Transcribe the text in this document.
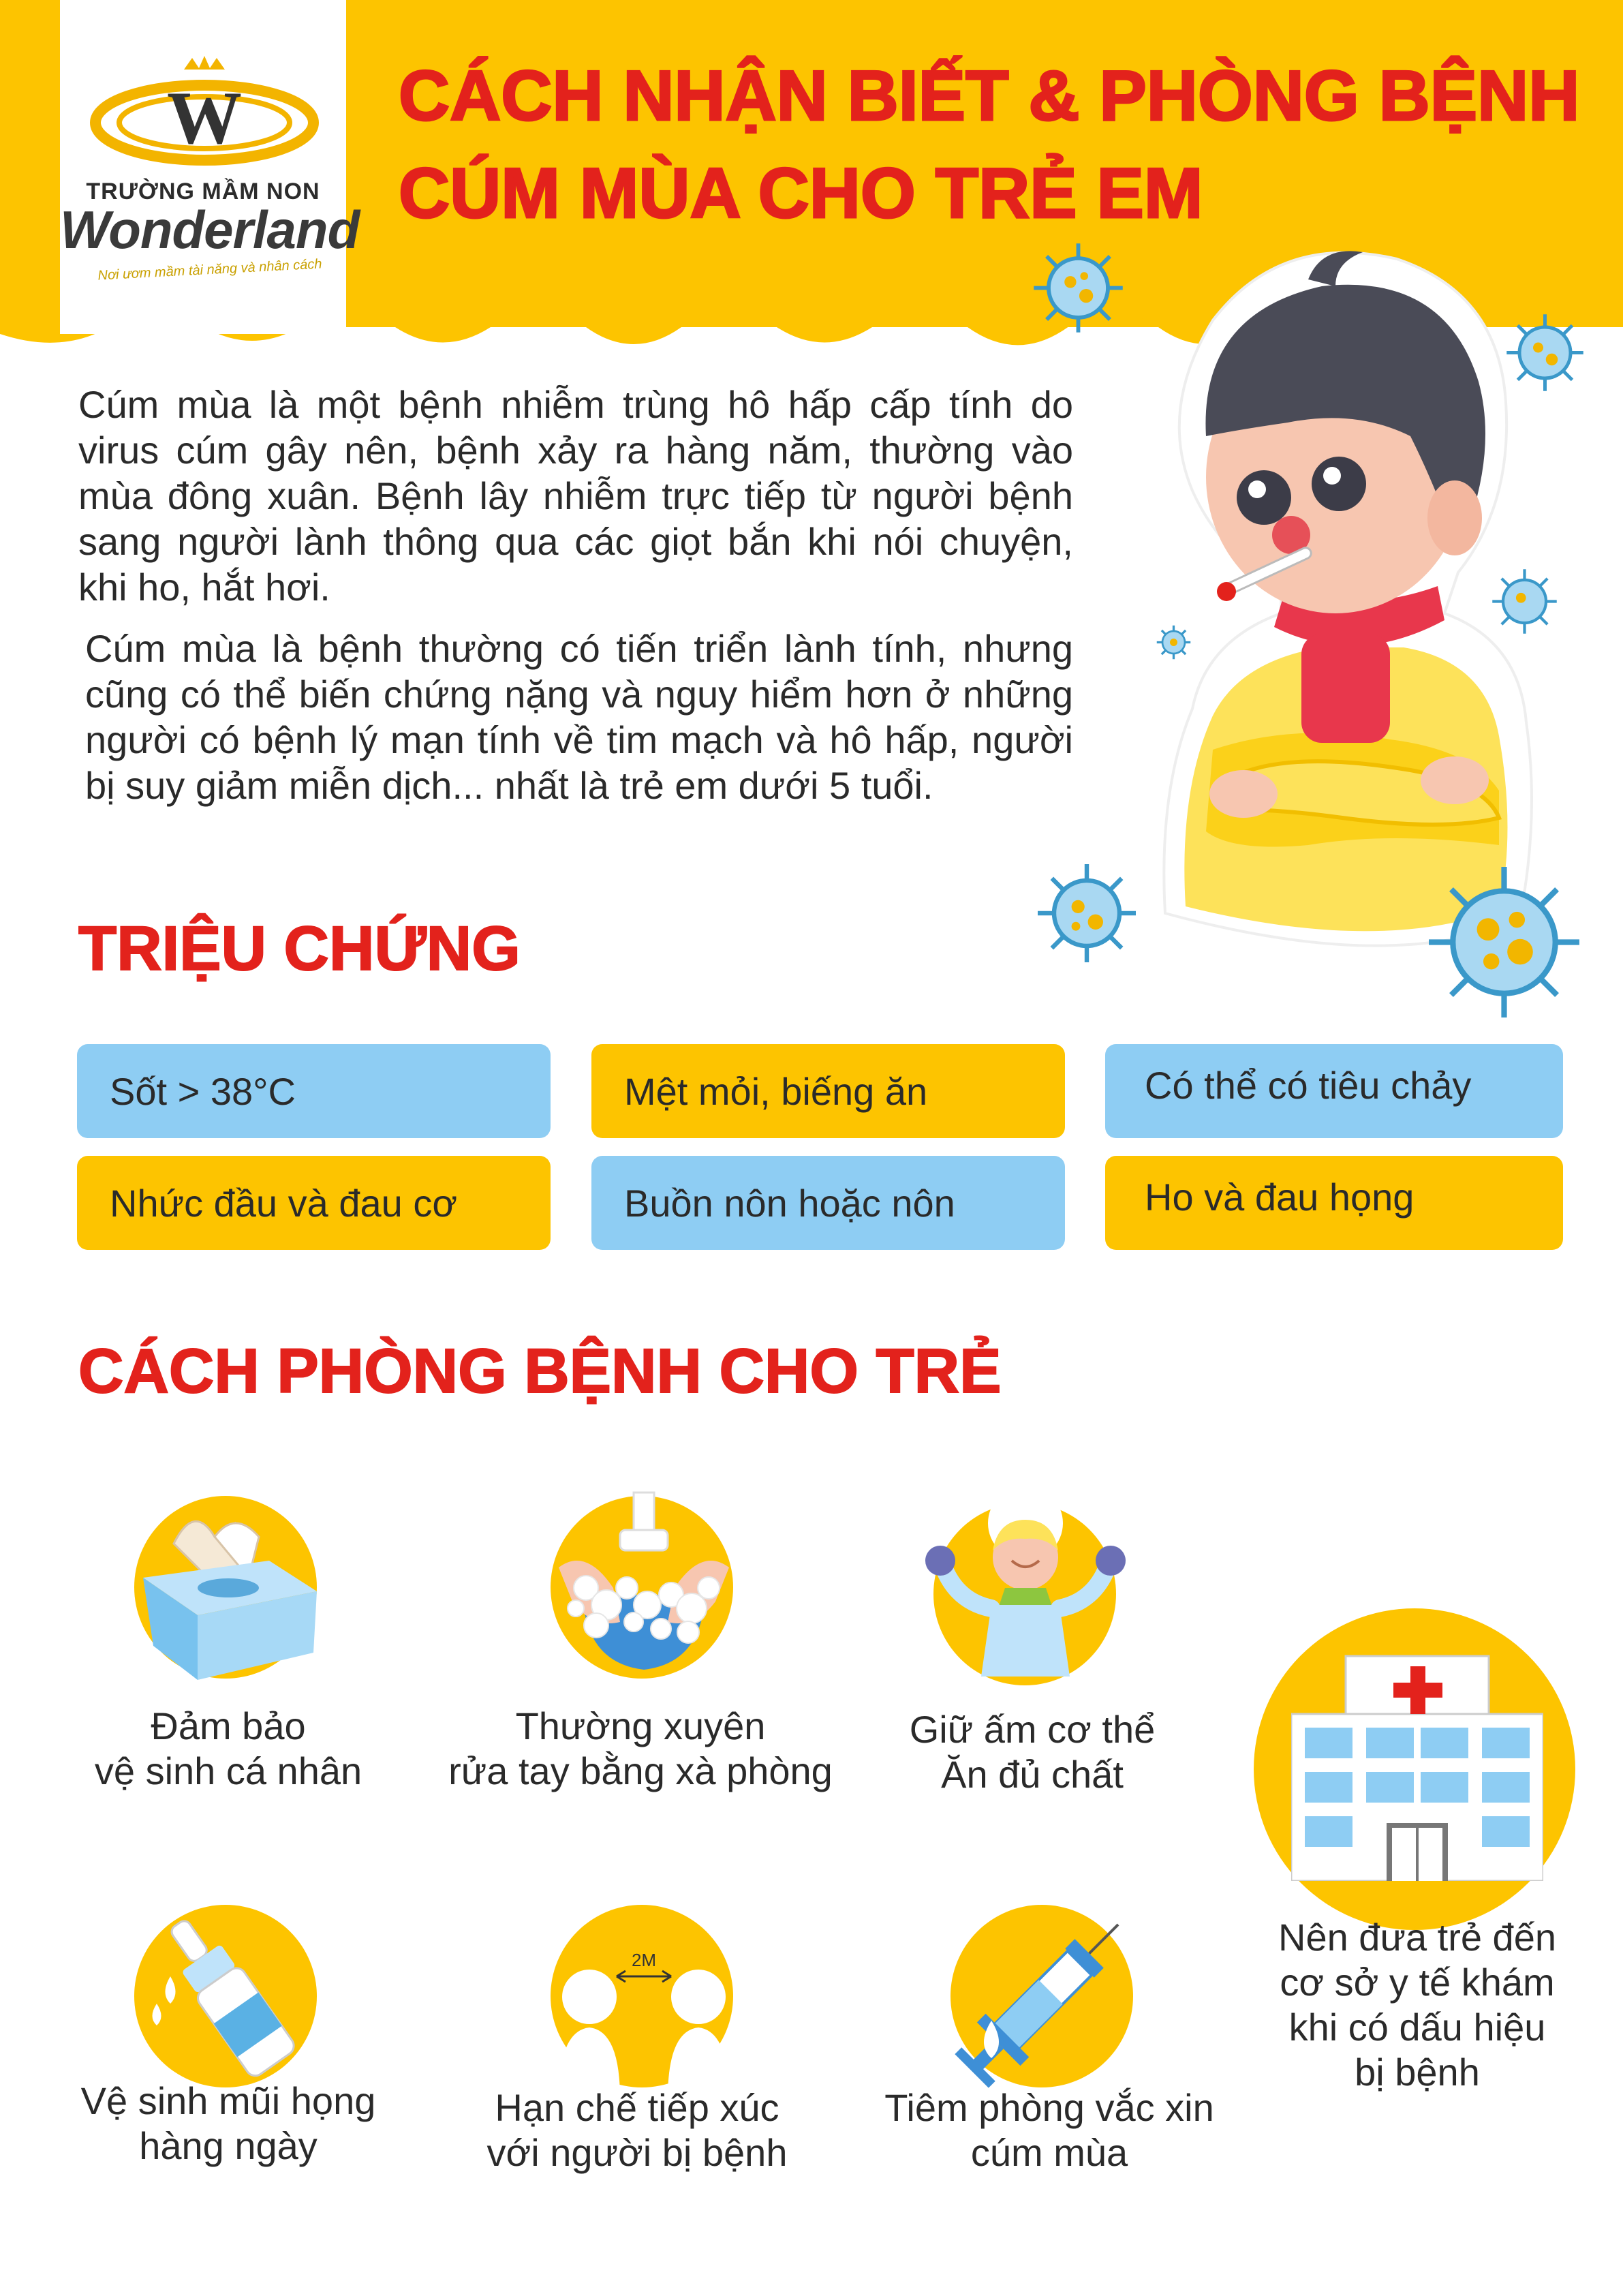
W
TRƯỜNG MẦM NON
Wonderland
Nơi ươm mầm tài năng và nhân cách
CÁCH NHẬN BIẾT & PHÒNG BỆNH
CÚM MÙA CHO TRẺ EM

Cúm mùa là một bệnh nhiễm trùng hô hấp cấp tính do virus cúm gây nên, bệnh xảy ra hàng năm, thường vào mùa đông xuân. Bệnh lây nhiễm trực tiếp từ người bệnh sang người lành thông qua các giọt bắn khi nói chuyện, khi ho, hắt hơi.

Cúm mùa là bệnh thường có tiến triển lành tính, nhưng cũng có thể biến chứng nặng và nguy hiểm hơn ở những người có bệnh lý mạn tính về tim mạch và hô hấp, người bị suy giảm miễn dịch... nhất là trẻ em dưới 5 tuổi.

TRIỆU CHỨNG
Sốt > 38°C	Mệt mỏi, biếng ăn	Có thể có tiêu chảy
Nhức đầu và đau cơ	Buồn nôn hoặc nôn	Ho và đau họng
CÁCH PHÒNG BỆNH CHO TRẺ
Đảm bảo
vệ sinh cá nhân
Thường xuyên
rửa tay bằng xà phòng
Giữ ấm cơ thể
Ăn đủ chất
Vệ sinh mũi họng
hàng ngày
2M
Hạn chế tiếp xúc
với người bị bệnh
Tiêm phòng vắc xin
cúm mùa
Nên đưa trẻ đến
cơ sở y tế khám
khi có dấu hiệu
bị bệnh
